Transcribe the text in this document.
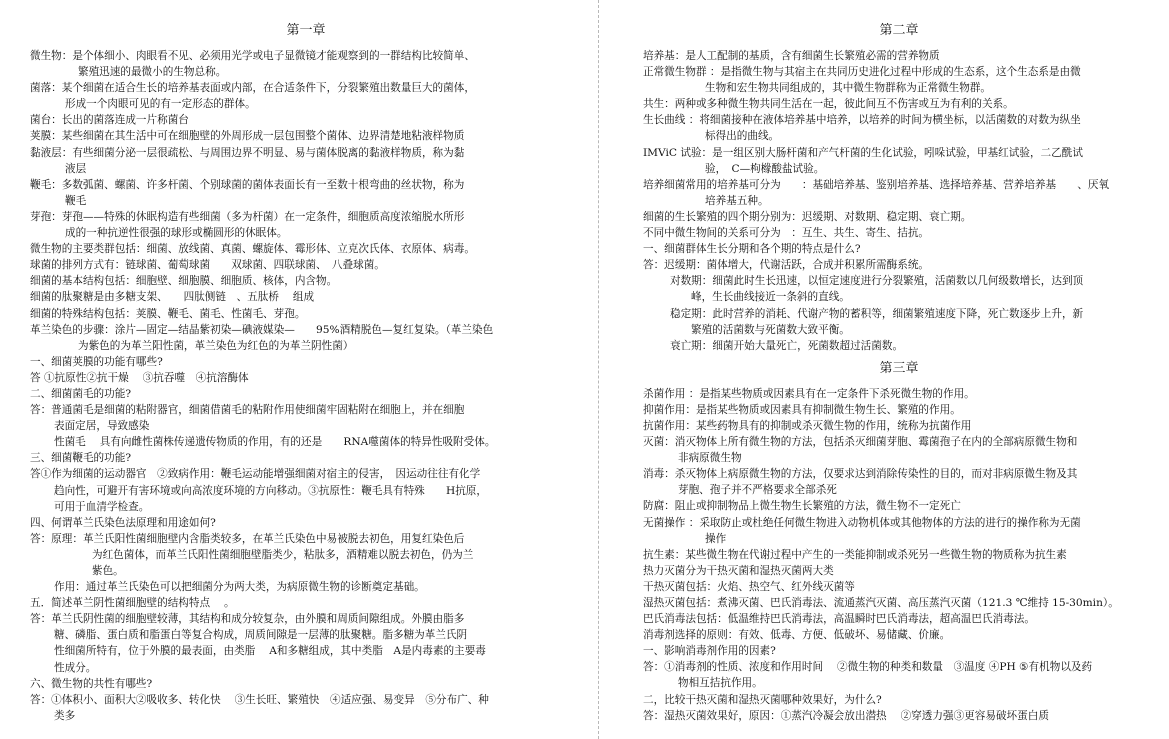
第一章
微生物：是个体细小、肉眼看不见、必须用光学或电子显微镜才能观察到的一群结构比较简单、
繁殖迅速的最微小的生物总称。
菌落：某个细菌在适合生长的培养基表面或内部，在合适条件下，分裂繁殖出数量巨大的菌体，
形成一个肉眼可见的有一定形态的群体。
菌台：长出的菌落连成一片称菌台
荚膜：某些细菌在其生活中可在细胞壁的外周形成一层包围整个菌体、边界清楚地粘液样物质
黏液层：有些细菌分泌一层很疏松、与周围边界不明显、易与菌体脱离的黏液样物质，称为黏
液层
鞭毛：多数弧菌、螺菌、许多杆菌、个别球菌的菌体表面长有一至数十根弯曲的丝状物，称为
鞭毛
芽孢：芽孢——特殊的休眠构造有些细菌（多为杆菌）在一定条件，细胞质高度浓缩脱水所形
成的一种抗逆性很强的球形或椭圆形的休眠体。
微生物的主要类群包括：细菌、放线菌、真菌、螺旋体、霉形体、立克次氏体、衣原体、病毒。
球菌的排列方式有：链球菌、葡萄球菌　　双球菌、四联球菌、　八叠球菌。
细菌的基本结构包括：细胞壁、细胞膜、细胞质、核体，内含物。
细菌的肽聚糖是由多糖支架、　　四肽侧链　、五肽桥　 组成
细菌的特殊结构包括：荚膜、鞭毛、菌毛、性菌毛、芽孢。
革兰染色的步骤：涂片—固定—结晶紫初染—碘液媒染—　　95%酒精脱色—复红复染。（革兰染色
为紫色的为革兰阳性菌，革兰染色为红色的为革兰阴性菌）
一、细菌荚膜的功能有哪些?
答 ①抗原性②抗干燥　 ③抗吞噬　④抗溶酶体
二、细菌菌毛的功能?
答：普通菌毛是细菌的粘附器官，细菌借菌毛的粘附作用使细菌牢固粘附在细胞上，并在细胞
表面定居，导致感染
性菌毛　 具有向雌性菌株传递遗传物质的作用，有的还是　　RNA噬菌体的特异性吸附受体。
三、细菌鞭毛的功能?
答①作为细菌的运动器官　②致病作用：鞭毛运动能增强细菌对宿主的侵害，　因运动往往有化学
趋向性，可避开有害环境或向高浓度环境的方向移动。③抗原性：鞭毛具有特殊　　H抗原，
可用于血清学检查。
四、何谓革兰氏染色法原理和用途如何?
答：原理：革兰氏阳性菌细胞壁内含脂类较多，在革兰氏染色中易被脱去初色，用复红染色后
为红色菌体，而革兰氏阳性菌细胞壁脂类少，粘肽多，酒精难以脱去初色，仍为兰
紫色。
作用：通过革兰氏染色可以把细菌分为两大类，为病原微生物的诊断奠定基础。
五．简述革兰阴性菌细胞壁的结构特点　 。
答：革兰氏阴性菌的细胞壁较薄，其结构和成分较复杂，由外膜和周质间隙组成。外膜由脂多
糖、磷脂、蛋白质和脂蛋白等复合构成，周质间隙是一层薄的肽聚糖。脂多糖为革兰氏阴
性细菌所特有，位于外膜的最表面，由类脂　 A和多糖组成，其中类脂　A是内毒素的主要毒
性成分。
六、微生物的共性有哪些?
答：①体积小、面积大②吸收多、转化快　 ③生长旺、繁殖快　④适应强、易变异　⑤分布广、种
类多
第二章
培养基：是人工配制的基质，含有细菌生长繁殖必需的营养物质
正常微生物群 ：是指微生物与其宿主在共同历史进化过程中形成的生态系，这个生态系是由微
生物和宏生物共同组成的，其中微生物群称为正常微生物群。
共生：两种或多种微生物共同生活在一起，彼此间互不伤害或互为有利的关系。
生长曲线 ：将细菌接种在液体培养基中培养，以培养的时间为横坐标，以活菌数的对数为纵坐
标得出的曲线。
IMViC 试验：是一组区别大肠杆菌和产气杆菌的生化试验，吲哚试验，甲基红试验，二乙酰试
验，　C—枸橼酸盐试验。
培养细菌常用的培养基可分为　　：基础培养基、鉴别培养基、选择培养基、营养培养基　　、厌氧
培养基五种。
细菌的生长繁殖的四个期分别为：迟缓期、对数期、稳定期、衰亡期。
不同中微生物间的关系可分为　：互生、共生、寄生、拮抗。
一、细菌群体生长分期和各个期的特点是什么?
答：迟缓期：菌体增大，代谢活跃，合成并积累所需酶系统。
对数期：细菌此时生长迅速，以恒定速度进行分裂繁殖，活菌数以几何级数增长，达到顶
峰，生长曲线接近一条斜的直线。
稳定期：此时营养的消耗、代谢产物的蓄积等，细菌繁殖速度下降，死亡数逐步上升，新
繁殖的活菌数与死菌数大致平衡。
衰亡期：细菌开始大量死亡，死菌数超过活菌数。
第三章
杀菌作用 ：是指某些物质或因素具有在一定条件下杀死微生物的作用。
抑菌作用：是指某些物质或因素具有抑制微生物生长、繁殖的作用。
抗菌作用：某些药物具有的抑制或杀灭微生物的作用，统称为抗菌作用
灭菌：消灭物体上所有微生物的方法，包括杀灭细菌芽胞、霉菌孢子在内的全部病原微生物和
非病原微生物
消毒：杀灭物体上病原微生物的方法，仅要求达到消除传染性的目的，而对非病原微生物及其
芽胞、孢子并不严格要求全部杀死
防腐：阻止或抑制物品上微生物生长繁殖的方法，微生物不一定死亡
无菌操作 ：采取防止或杜绝任何微生物进入动物机体或其他物体的方法的进行的操作称为无菌
操作
抗生素：某些微生物在代谢过程中产生的一类能抑制或杀死另一些微生物的物质称为抗生素
热力灭菌分为干热灭菌和湿热灭菌两大类
干热灭菌包括：火焰、热空气、红外线灭菌等
湿热灭菌包括：煮沸灭菌、巴氏消毒法、流通蒸汽灭菌、高压蒸汽灭菌（121.3 ℃维持 15-30min）。
巴氏消毒法包括：低温维持巴氏消毒法，高温瞬时巴氏消毒法，超高温巴氏消毒法。
消毒剂选择的原则：有效、低毒、方便、低破坏、易储藏、价廉。
一、影响消毒剂作用的因素?
答：①消毒剂的性质、浓度和作用时间　 ②微生物的种类和数量　③温度 ④PH ⑤有机物以及药
物相互拮抗作用。
二，比较干热灭菌和湿热灭菌哪种效果好，为什么?
答：湿热灭菌效果好，原因：①蒸汽冷凝会放出潜热　 ②穿透力强③更容易破坏蛋白质
